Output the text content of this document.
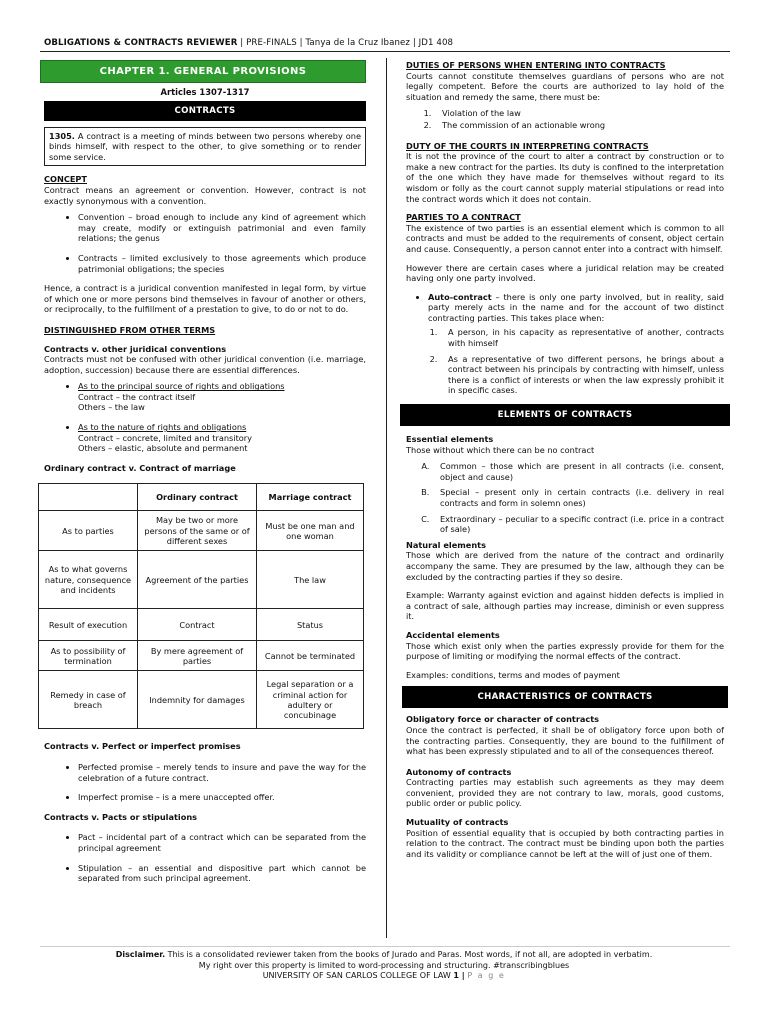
OBLIGATIONS & CONTRACTS REVIEWER | PRE-FINALS | Tanya de la Cruz Ibanez | JD1 408
CHAPTER 1. GENERAL PROVISIONS
Articles 1307-1317
CONTRACTS
1305. A contract is a meeting of minds between two persons whereby one binds himself, with respect to the other, to give something or to render some service.
CONCEPT

Contract means an agreement or convention. However, contract is not exactly synonymous with a convention.

• Convention – broad enough to include any kind of agreement which may create, modify or extinguish patrimonial and even family relations; the genus
• Contracts – limited exclusively to those agreements which produce patrimonial obligations; the species

Hence, a contract is a juridical convention manifested in legal form, by virtue of which one or more persons bind themselves in favour of another or others, or reciprocally, to the fulfillment of a prestation to give, to do or not to do.

DISTINGUISHED FROM OTHER TERMS
Contracts v. other juridical conventions

Contracts must not be confused with other juridical convention (i.e. marriage, adoption, succession) because there are essential differences.

• As to the principal source of rights and obligations
Contract – the contract itself
Others – the law
• As to the nature of rights and obligations
Contract – concrete, limited and transitory
Others – elastic, absolute and permanent
Ordinary contract v. Contract of marriage
	Ordinary contract	Marriage contract
As to parties	May be two or more persons of the same or of different sexes	Must be one man and one woman
As to what governs nature, consequence and incidents	Agreement of the parties	The law
Result of execution	Contract	Status
As to possibility of termination	By mere agreement of parties	Cannot be terminated
Remedy in case of breach	Indemnity for damages	Legal separation or a criminal action for adultery or concubinage
Contracts v. Perfect or imperfect promises
• Perfected promise – merely tends to insure and pave the way for the celebration of a future contract.
• Imperfect promise – is a mere unaccepted offer.
Contracts v. Pacts or stipulations
• Pact – incidental part of a contract which can be separated from the principal agreement
• Stipulation – an essential and dispositive part which cannot be separated from such principal agreement.
DUTIES OF PERSONS WHEN ENTERING INTO CONTRACTS

Courts cannot constitute themselves guardians of persons who are not legally competent. Before the courts are authorized to lay hold of the situation and remedy the same, there must be:

1. Violation of the law
2. The commission of an actionable wrong
DUTY OF THE COURTS IN INTERPRETING CONTRACTS

It is not the province of the court to alter a contract by construction or to make a new contract for the parties. Its duty is confined to the interpretation of the one which they have made for themselves without regard to its wisdom or folly as the court cannot supply material stipulations or read into the contract words which it does not contain.

PARTIES TO A CONTRACT

The existence of two parties is an essential element which is common to all contracts and must be added to the requirements of consent, object certain and cause. Consequently, a person cannot enter into a contract with himself.

However there are certain cases where a juridical relation may be created having only one party involved.

• Auto-contract – there is only one party involved, but in reality, said party merely acts in the name and for the account of two distinct contracting parties. This takes place when:
1. A person, in his capacity as representative of another, contracts with himself
2. As a representative of two different persons, he brings about a contract between his principals by contracting with himself, unless there is a conflict of interests or when the law expressly prohibit it in specific cases.
ELEMENTS OF CONTRACTS
Essential elements

Those without which there can be no contract

A. Common – those which are present in all contracts (i.e. consent, object and cause)
B. Special – present only in certain contracts (i.e. delivery in real contracts and form in solemn ones)
C. Extraordinary – peculiar to a specific contract (i.e. price in a contract of sale)
Natural elements

Those which are derived from the nature of the contract and ordinarily accompany the same. They are presumed by the law, although they can be excluded by the contracting parties if they so desire.

Example: Warranty against eviction and against hidden defects is implied in a contract of sale, although parties may increase, diminish or even suppress it.

Accidental elements

Those which exist only when the parties expressly provide for them for the purpose of limiting or modifying the normal effects of the contract.

Examples: conditions, terms and modes of payment

CHARACTERISTICS OF CONTRACTS
Obligatory force or character of contracts

Once the contract is perfected, it shall be of obligatory force upon both of the contracting parties. Consequently, they are bound to the fulfillment of what has been expressly stipulated and to all of the consequences thereof.

Autonomy of contracts

Contracting parties may establish such agreements as they may deem convenient, provided they are not contrary to law, morals, good customs, public order or public policy.

Mutuality of contracts

Position of essential equality that is occupied by both contracting parties in relation to the contract. The contract must be binding upon both the parties and its validity or compliance cannot be left at the will of just one of them.

Disclaimer. This is a consolidated reviewer taken from the books of Jurado and Paras. Most words, if not all, are adopted in verbatim.
My right over this property is limited to word-processing and structuring. #transcribingblues
UNIVERSITY OF SAN CARLOS COLLEGE OF LAW 1 | P a g e
